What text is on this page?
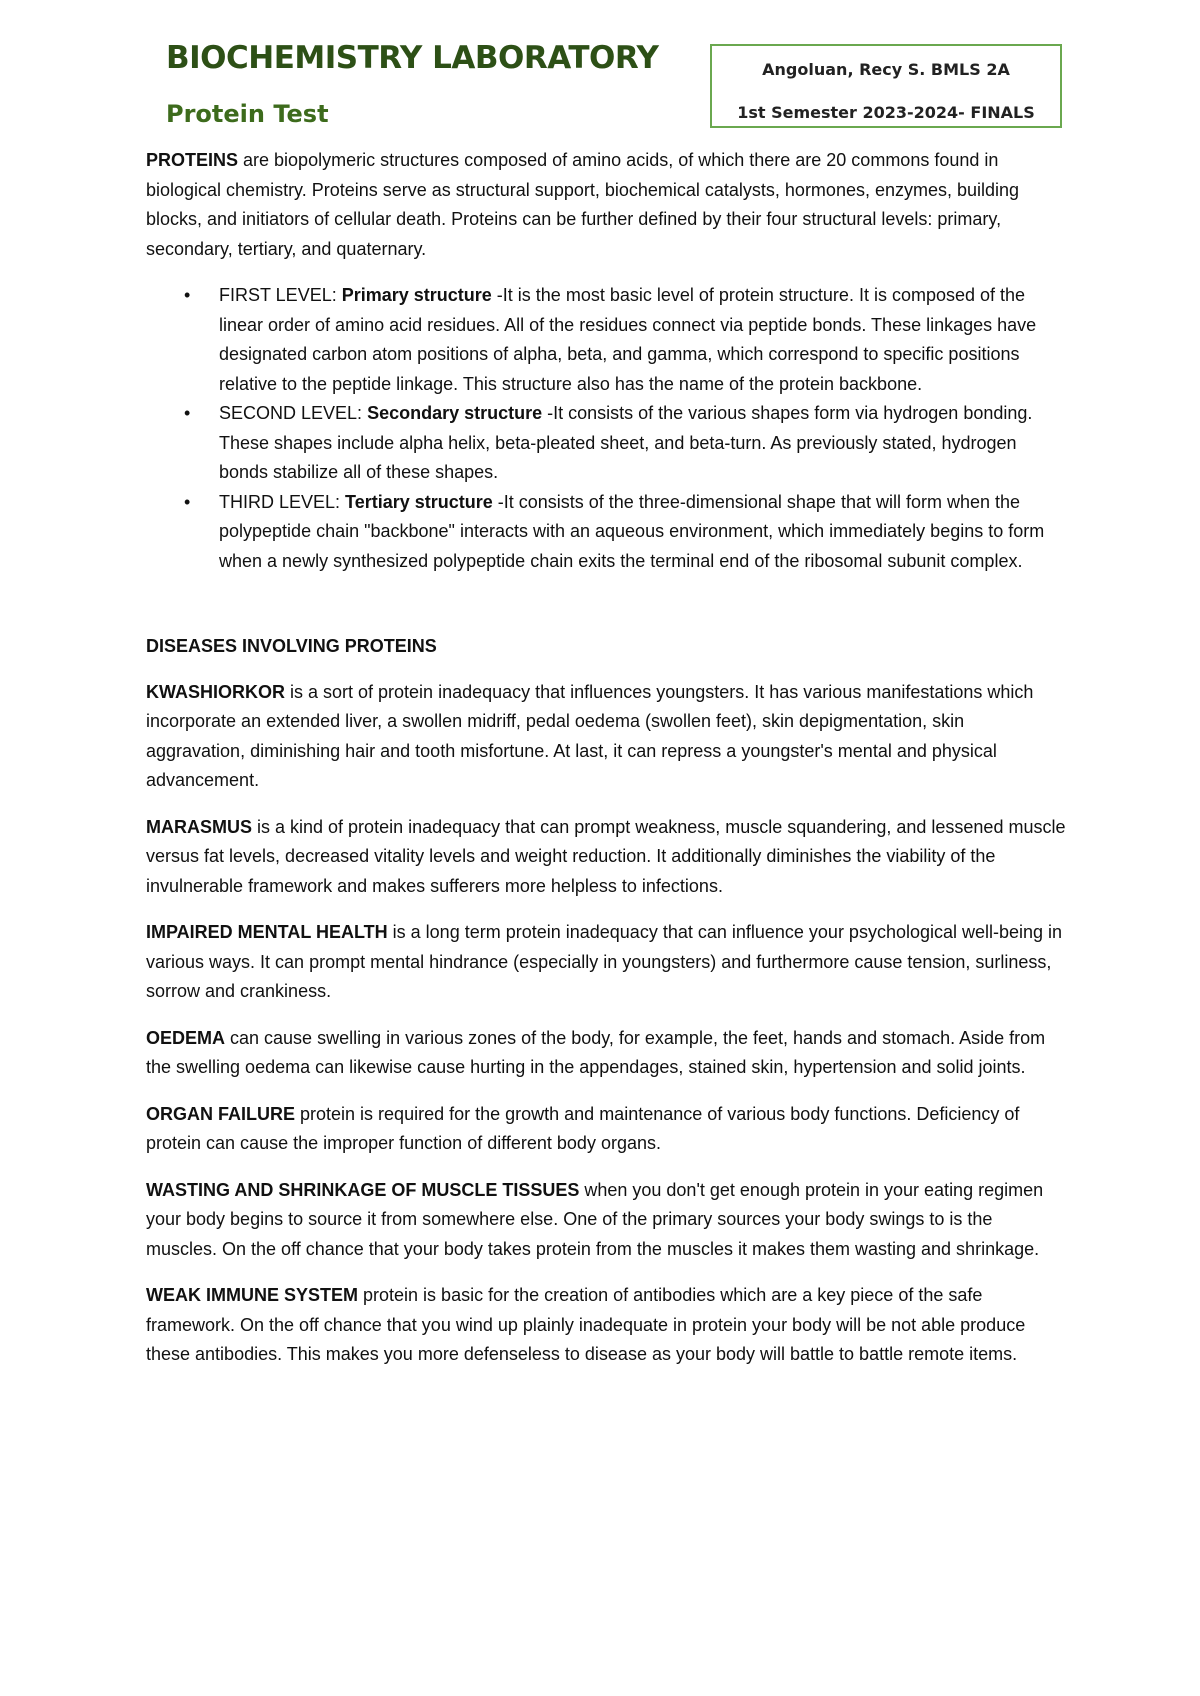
BIOCHEMISTRY LABORATORY
Protein Test
Angoluan, Recy S. BMLS 2A
1st Semester 2023-2024- FINALS

PROTEINS are biopolymeric structures composed of amino acids, of which there are 20 commons found in biological chemistry. Proteins serve as structural support, biochemical catalysts, hormones, enzymes, building blocks, and initiators of cellular death. Proteins can be further defined by their four structural levels: primary, secondary, tertiary, and quaternary.

• FIRST LEVEL: Primary structure -It is the most basic level of protein structure. It is composed of the linear order of amino acid residues. All of the residues connect via peptide bonds. These linkages have designated carbon atom positions of alpha, beta, and gamma, which correspond to specific positions relative to the peptide linkage. This structure also has the name of the protein backbone.
• SECOND LEVEL: Secondary structure -It consists of the various shapes form via hydrogen bonding. These shapes include alpha helix, beta-pleated sheet, and beta-turn. As previously stated, hydrogen bonds stabilize all of these shapes.
• THIRD LEVEL: Tertiary structure -It consists of the three-dimensional shape that will form when the polypeptide chain "backbone" interacts with an aqueous environment, which immediately begins to form when a newly synthesized polypeptide chain exits the terminal end of the ribosomal subunit complex.

DISEASES INVOLVING PROTEINS

KWASHIORKOR is a sort of protein inadequacy that influences youngsters. It has various manifestations which incorporate an extended liver, a swollen midriff, pedal oedema (swollen feet), skin depigmentation, skin aggravation, diminishing hair and tooth misfortune. At last, it can repress a youngster's mental and physical advancement.

MARASMUS is a kind of protein inadequacy that can prompt weakness, muscle squandering, and lessened muscle versus fat levels, decreased vitality levels and weight reduction. It additionally diminishes the viability of the invulnerable framework and makes sufferers more helpless to infections.

IMPAIRED MENTAL HEALTH is a long term protein inadequacy that can influence your psychological well-being in various ways. It can prompt mental hindrance (especially in youngsters) and furthermore cause tension, surliness, sorrow and crankiness.

OEDEMA can cause swelling in various zones of the body, for example, the feet, hands and stomach. Aside from the swelling oedema can likewise cause hurting in the appendages, stained skin, hypertension and solid joints.

ORGAN FAILURE protein is required for the growth and maintenance of various body functions. Deficiency of protein can cause the improper function of different body organs.

WASTING AND SHRINKAGE OF MUSCLE TISSUES when you don't get enough protein in your eating regimen your body begins to source it from somewhere else. One of the primary sources your body swings to is the muscles. On the off chance that your body takes protein from the muscles it makes them wasting and shrinkage.

WEAK IMMUNE SYSTEM protein is basic for the creation of antibodies which are a key piece of the safe framework. On the off chance that you wind up plainly inadequate in protein your body will be not able produce these antibodies. This makes you more defenseless to disease as your body will battle to battle remote items.
